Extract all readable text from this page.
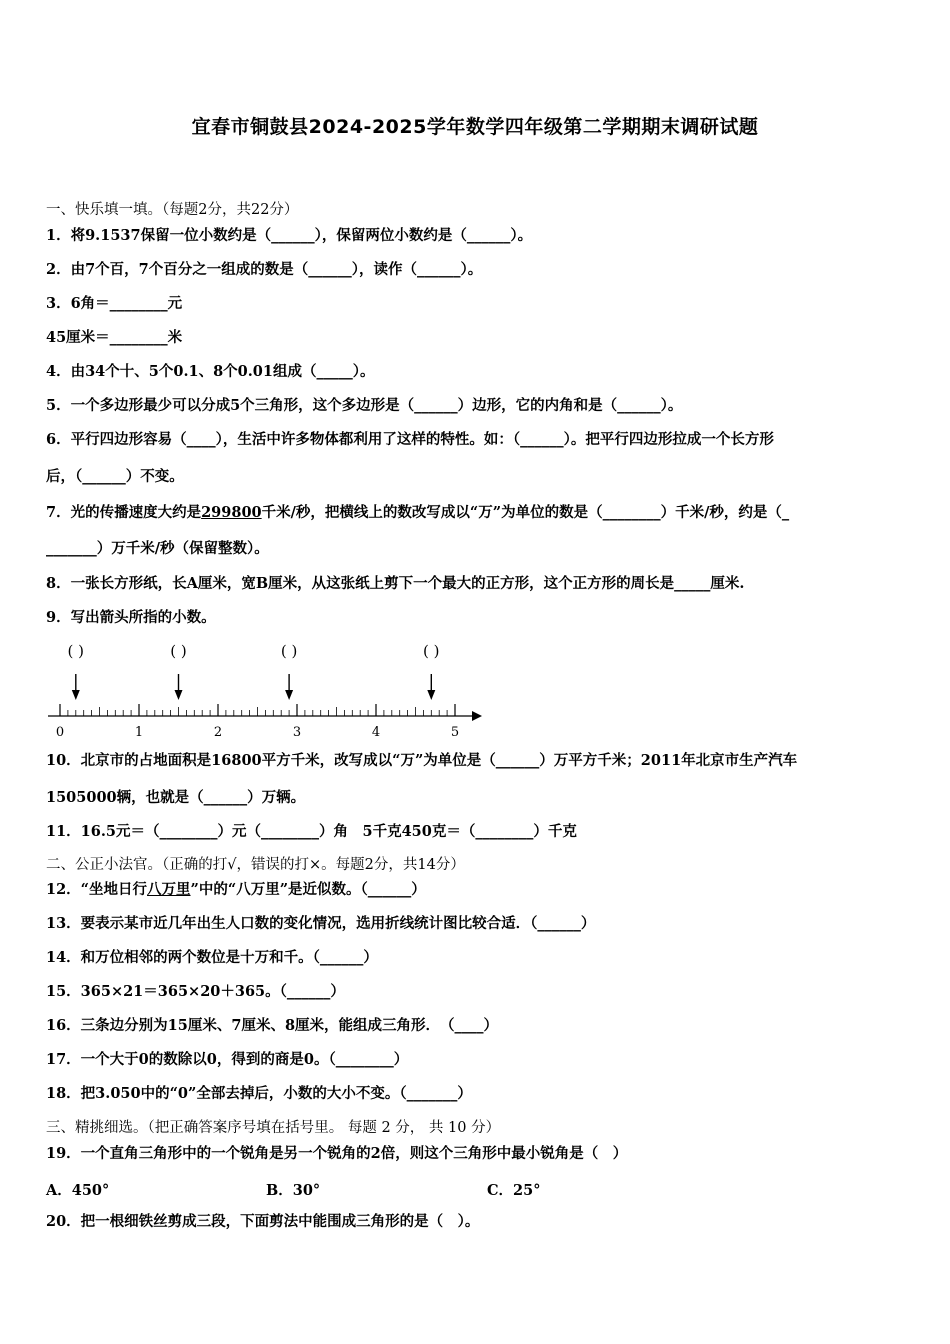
宜春市铜鼓县2024-2025学年数学四年级第二学期期末调研试题
一、快乐填一填。（每题2分，共22分）
1．将9.1537保留一位小数约是（______），保留两位小数约是（______）。
2．由7个百，7个百分之一组成的数是（______），读作（______）。
3．6角＝________元
45厘米＝________米
4．由34个十、5个0.1、8个0.01组成（_____）。
5．一个多边形最少可以分成5个三角形，这个多边形是（______）边形，它的内角和是（______）。
6．平行四边形容易（____），生活中许多物体都利用了这样的特性。如：（______）。把平行四边形拉成一个长方形
后，（______）不变。
7．光的传播速度大约是299800千米/秒，把横线上的数改写成以“万”为单位的数是（________）千米/秒，约是（_
_______）万千米/秒（保留整数）。
8．一张长方形纸，长A厘米，宽B厘米，从这张纸上剪下一个最大的正方形，这个正方形的周长是_____厘米.
9．写出箭头所指的小数。
( )	( )	( )	( )
0	1	2	3	4	5
10．北京市的占地面积是16800平方千米，改写成以“万”为单位是（______）万平方千米；2011年北京市生产汽车
1505000辆，也就是（______）万辆。
11．16.5元＝（________）元（________）角　5千克450克＝（________）千克
二、公正小法官。（正确的打√，错误的打×。每题2分，共14分）
12．“坐地日行八万里”中的“八万里”是近似数。（______）
13．要表示某市近几年出生人口数的变化情况，选用折线统计图比较合适．（______）
14．和万位相邻的两个数位是十万和千。（______）
15．365×21＝365×20＋365。（______）
16．三条边分别为15厘米、7厘米、8厘米，能组成三角形．　（____）
17．一个大于0的数除以0，得到的商是0。（________）
18．把3.050中的“0”全部去掉后，小数的大小不变。（_______）
三、精挑细选。（把正确答案序号填在括号里。 每题 2 分， 共 10 分）
19．一个直角三角形中的一个锐角是另一个锐角的2倍，则这个三角形中最小锐角是（　）
A．450°	B．30°	C．25°
20．把一根细铁丝剪成三段，下面剪法中能围成三角形的是（　）。
